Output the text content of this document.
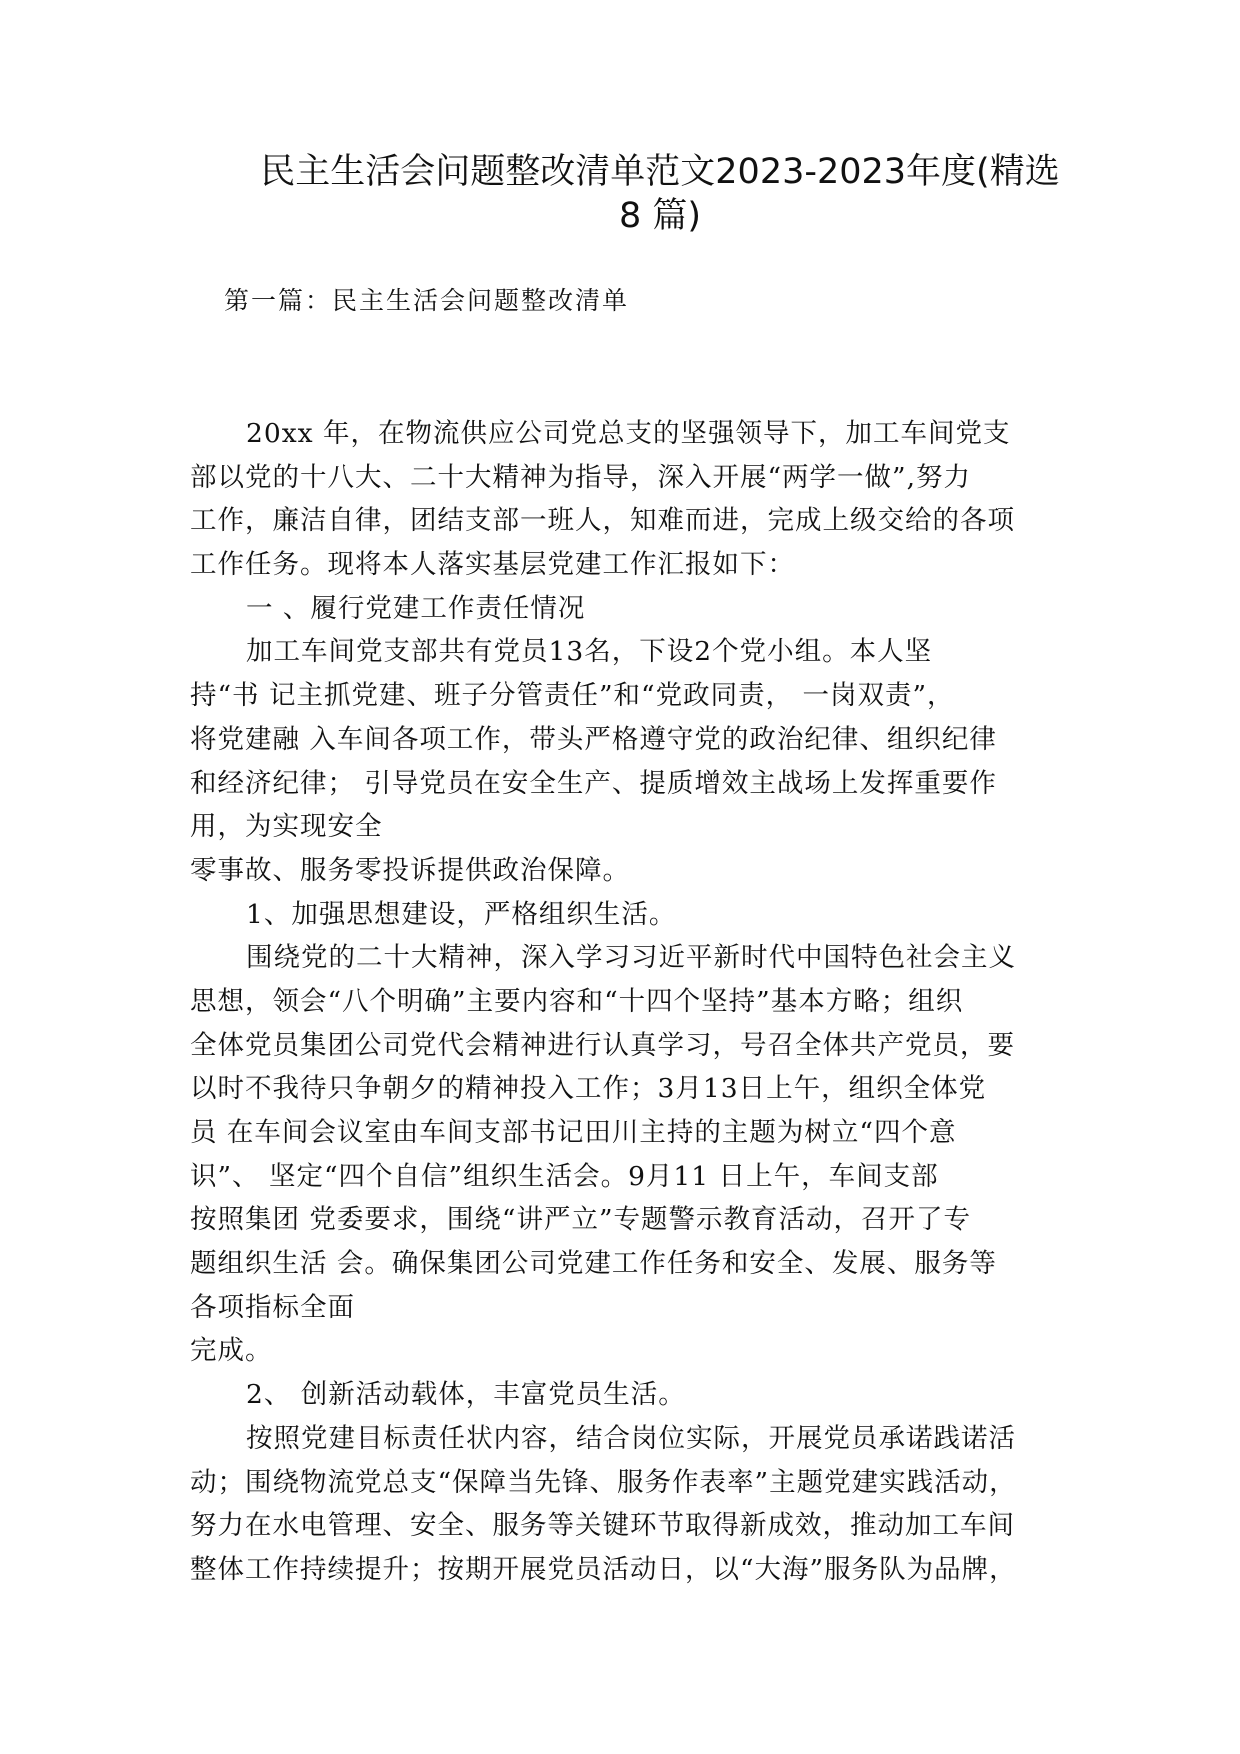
民主生活会问题整改清单范文2023-2023年度(精选
8 篇)
第一篇：民主生活会问题整改清单
20xx 年，在物流供应公司党总支的坚强领导下，加工车间党支
部以党的十八大、二十大精神为指导，深入开展“两学一做”,努力
工作，廉洁自律，团结支部一班人，知难而进，完成上级交给的各项
工作任务。现将本人落实基层党建工作汇报如下：
一 、履行党建工作责任情况
加工车间党支部共有党员13名，下设2个党小组。本人坚
持“书 记主抓党建、班子分管责任”和“党政同责， 一岗双责”，
将党建融 入车间各项工作，带头严格遵守党的政治纪律、组织纪律
和经济纪律； 引导党员在安全生产、提质增效主战场上发挥重要作
用，为实现安全
零事故、服务零投诉提供政治保障。
1、加强思想建设，严格组织生活。
围绕党的二十大精神，深入学习习近平新时代中国特色社会主义
思想，领会“八个明确”主要内容和“十四个坚持”基本方略；组织
全体党员集团公司党代会精神进行认真学习，号召全体共产党员，要
以时不我待只争朝夕的精神投入工作；3月13日上午，组织全体党
员 在车间会议室由车间支部书记田川主持的主题为树立“四个意
识”、 坚定“四个自信”组织生活会。9月11 日上午，车间支部
按照集团 党委要求，围绕“讲严立”专题警示教育活动，召开了专
题组织生活 会。确保集团公司党建工作任务和安全、发展、服务等
各项指标全面
完成。
2、 创新活动载体，丰富党员生活。
按照党建目标责任状内容，结合岗位实际，开展党员承诺践诺活
动；围绕物流党总支“保障当先锋、服务作表率”主题党建实践活动，
努力在水电管理、安全、服务等关键环节取得新成效，推动加工车间
整体工作持续提升；按期开展党员活动日，以“大海”服务队为品牌，
